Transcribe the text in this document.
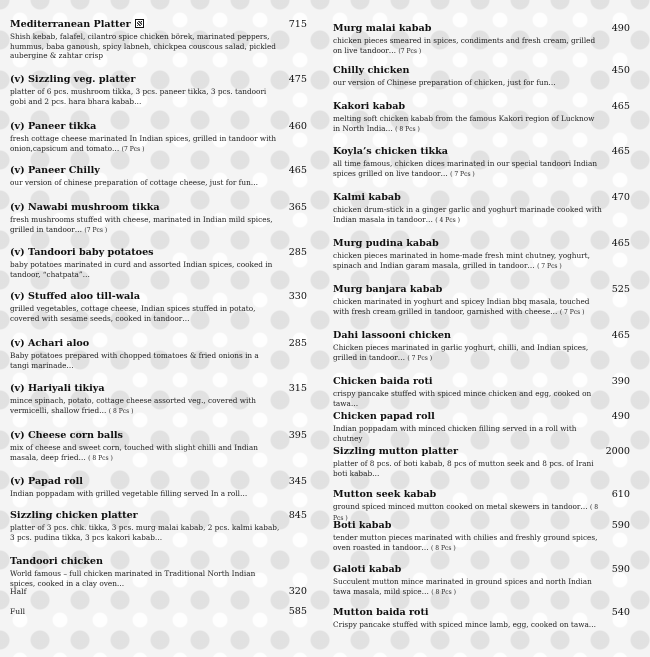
Mediterranean Platter	715
Shish kebab, falafel, cilantro spice chicken börek, marinated peppers, hummus, baba ganoush, spicy labneh, chickpea couscous salad, pickled aubergine & zahtar crisp
(v) Sizzling veg. platter	475
platter of 6 pcs. mushroom tikka, 3 pcs. paneer tikka, 3 pcs. tandoori gobi and 2 pcs. hara bhara kabab…
(v) Paneer tikka	460
fresh cottage cheese marinated In Indian spices, grilled in tandoor with onion,capsicum and tomato… (7 Pcs )
(v) Paneer Chilly	465
our version of chinese preparation of cottage cheese, just for fun…
(v) Nawabi mushroom tikka	365
fresh mushrooms stuffed with cheese, marinated in Indian mild spices, grilled in tandoor… (7 Pcs )
(v) Tandoori baby potatoes	285
baby potatoes marinated in curd and assorted Indian spices, cooked in tandoor, “chatpata”…
(v) Stuffed aloo till-wala	330
grilled vegetables, cottage cheese, Indian spices stuffed in potato, covered with sesame seeds, cooked in tandoor…
(v) Achari aloo	285
Baby potatoes prepared with chopped tomatoes & fried onions in a tangi marinade…
(v) Hariyali tikiya	315
mince spinach, potato, cottage cheese assorted veg., covered with vermicelli, shallow fried… ( 8 Pcs )
(v) Cheese corn balls	395
mix of cheese and sweet corn, touched with slight chilli and Indian masala, deep fried… ( 8 Pcs )
(v) Papad roll	345
Indian poppadam with grilled vegetable filling served In a roll…
Sizzling chicken platter	845
platter of 3 pcs. chk. tikka, 3 pcs. murg malai kabab, 2 pcs. kalmi kabab, 3 pcs. pudina tikka, 3 pcs kakori kabab…
Tandoori chicken
World famous – full chicken marinated in Traditional North Indian spices, cooked in a clay oven…
Half	320
Full	585
Murg malai kabab	490
chicken pieces smeared in spices, condiments and fresh cream, grilled on live tandoor… (7 Pcs )
Chilly chicken	450
our version of Chinese preparation of chicken, just for fun…
Kakori kabab	465
melting soft chicken kabab from the famous Kakori region of Lucknow in North India… ( 8 Pcs )
Koyla’s chicken tikka	465
all time famous, chicken dices marinated in our special tandoori Indian spices grilled on live tandoor… ( 7 Pcs )
Kalmi kabab	470
chicken drum-stick in a ginger garlic and yoghurt marinade cooked with Indian masala in tandoor… ( 4 Pcs )
Murg pudina kabab	465
chicken pieces marinated in home-made fresh mint chutney, yoghurt, spinach and Indian garam masala, grilled in tandoor… ( 7 Pcs )
Murg banjara kabab	525
chicken marinated in yoghurt and spicey Indian bbq masala, touched with fresh cream grilled in tandoor, garnished with cheese… ( 7 Pcs )
Dahi lassooni chicken	465
Chicken pieces marinated in garlic yoghurt, chilli, and Indian spices, grilled in tandoor… ( 7 Pcs )
Chicken baida roti	390
crispy pancake stuffed with spiced mince chicken and egg, cooked on tawa…
Chicken papad roll	490
Indian poppadam with minced chicken filling served in a roll with chutney
Sizzling mutton platter	2000
platter of 8 pcs. of boti kabab, 8 pcs of mutton seek and 8 pcs. of Irani boti kabab…
Mutton seek kabab	610
ground spiced minced mutton cooked on metal skewers in tandoor… ( 8 Pcs )
Boti kabab	590
tender mutton pieces marinated with chilies and freshly ground spices, oven roasted in tandoor… ( 8 Pcs )
Galoti kabab	590
Succulent mutton mince marinated in ground spices and north Indian tawa masala, mild spice… ( 8 Pcs )
Mutton baida roti	540
Crispy pancake stuffed with spiced mince lamb, egg, cooked on tawa…
